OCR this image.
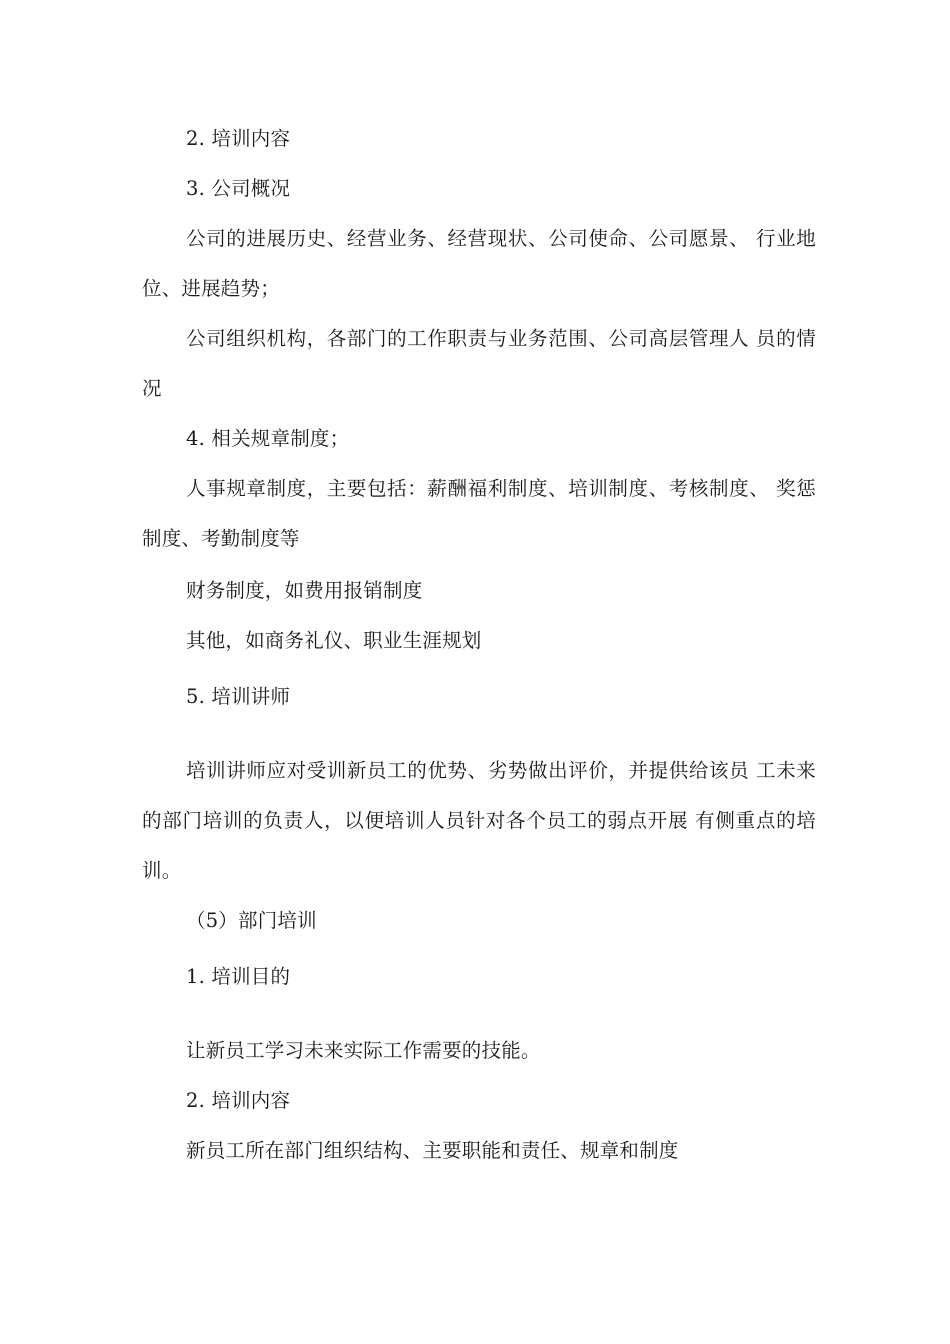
2. 培训内容

3. 公司概况

公司的进展历史、经营业务、经营现状、公司使命、公司愿景、 行业地位、进展趋势；

公司组织机构，各部门的工作职责与业务范围、公司高层管理人 员的情况

4. 相关规章制度；

人事规章制度，主要包括：薪酬福利制度、培训制度、考核制度、 奖惩制度、考勤制度等

财务制度，如费用报销制度

其他，如商务礼仪、职业生涯规划

5. 培训讲师

培训讲师应对受训新员工的优势、劣势做出评价，并提供给该员 工未来的部门培训的负责人，以便培训人员针对各个员工的弱点开展 有侧重点的培训。

（5）部门培训

1. 培训目的

让新员工学习未来实际工作需要的技能。

2. 培训内容

新员工所在部门组织结构、主要职能和责任、规章和制度
